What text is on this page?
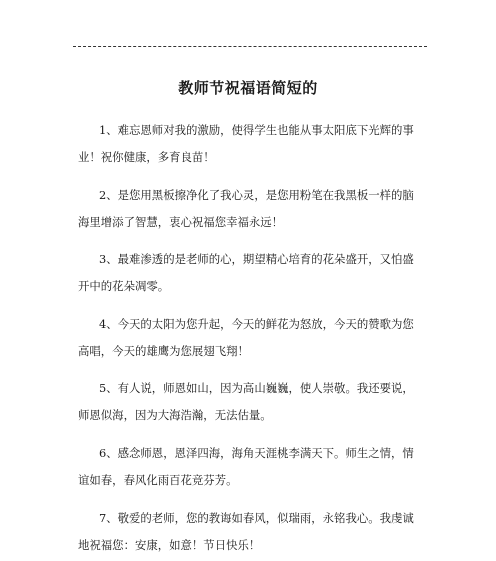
教师节祝福语简短的

1、难忘恩师对我的激励，使得学生也能从事太阳底下光辉的事业！祝你健康，多育良苗！

2、是您用黑板擦净化了我心灵，是您用粉笔在我黑板一样的脑海里增添了智慧，衷心祝福您幸福永远！

3、最难渗透的是老师的心，期望精心培育的花朵盛开，又怕盛开中的花朵凋零。

4、今天的太阳为您升起，今天的鲜花为怒放，今天的赞歌为您高唱，今天的雄鹰为您展翅飞翔！

5、有人说，师恩如山，因为高山巍巍，使人崇敬。我还要说，师恩似海，因为大海浩瀚，无法估量。

6、感念师恩，恩泽四海，海角天涯桃李满天下。师生之情，情谊如春，春风化雨百花竞芬芳。

7、敬爱的老师，您的教诲如春风，似瑞雨，永铭我心。我虔诚地祝福您：安康，如意！节日快乐！
